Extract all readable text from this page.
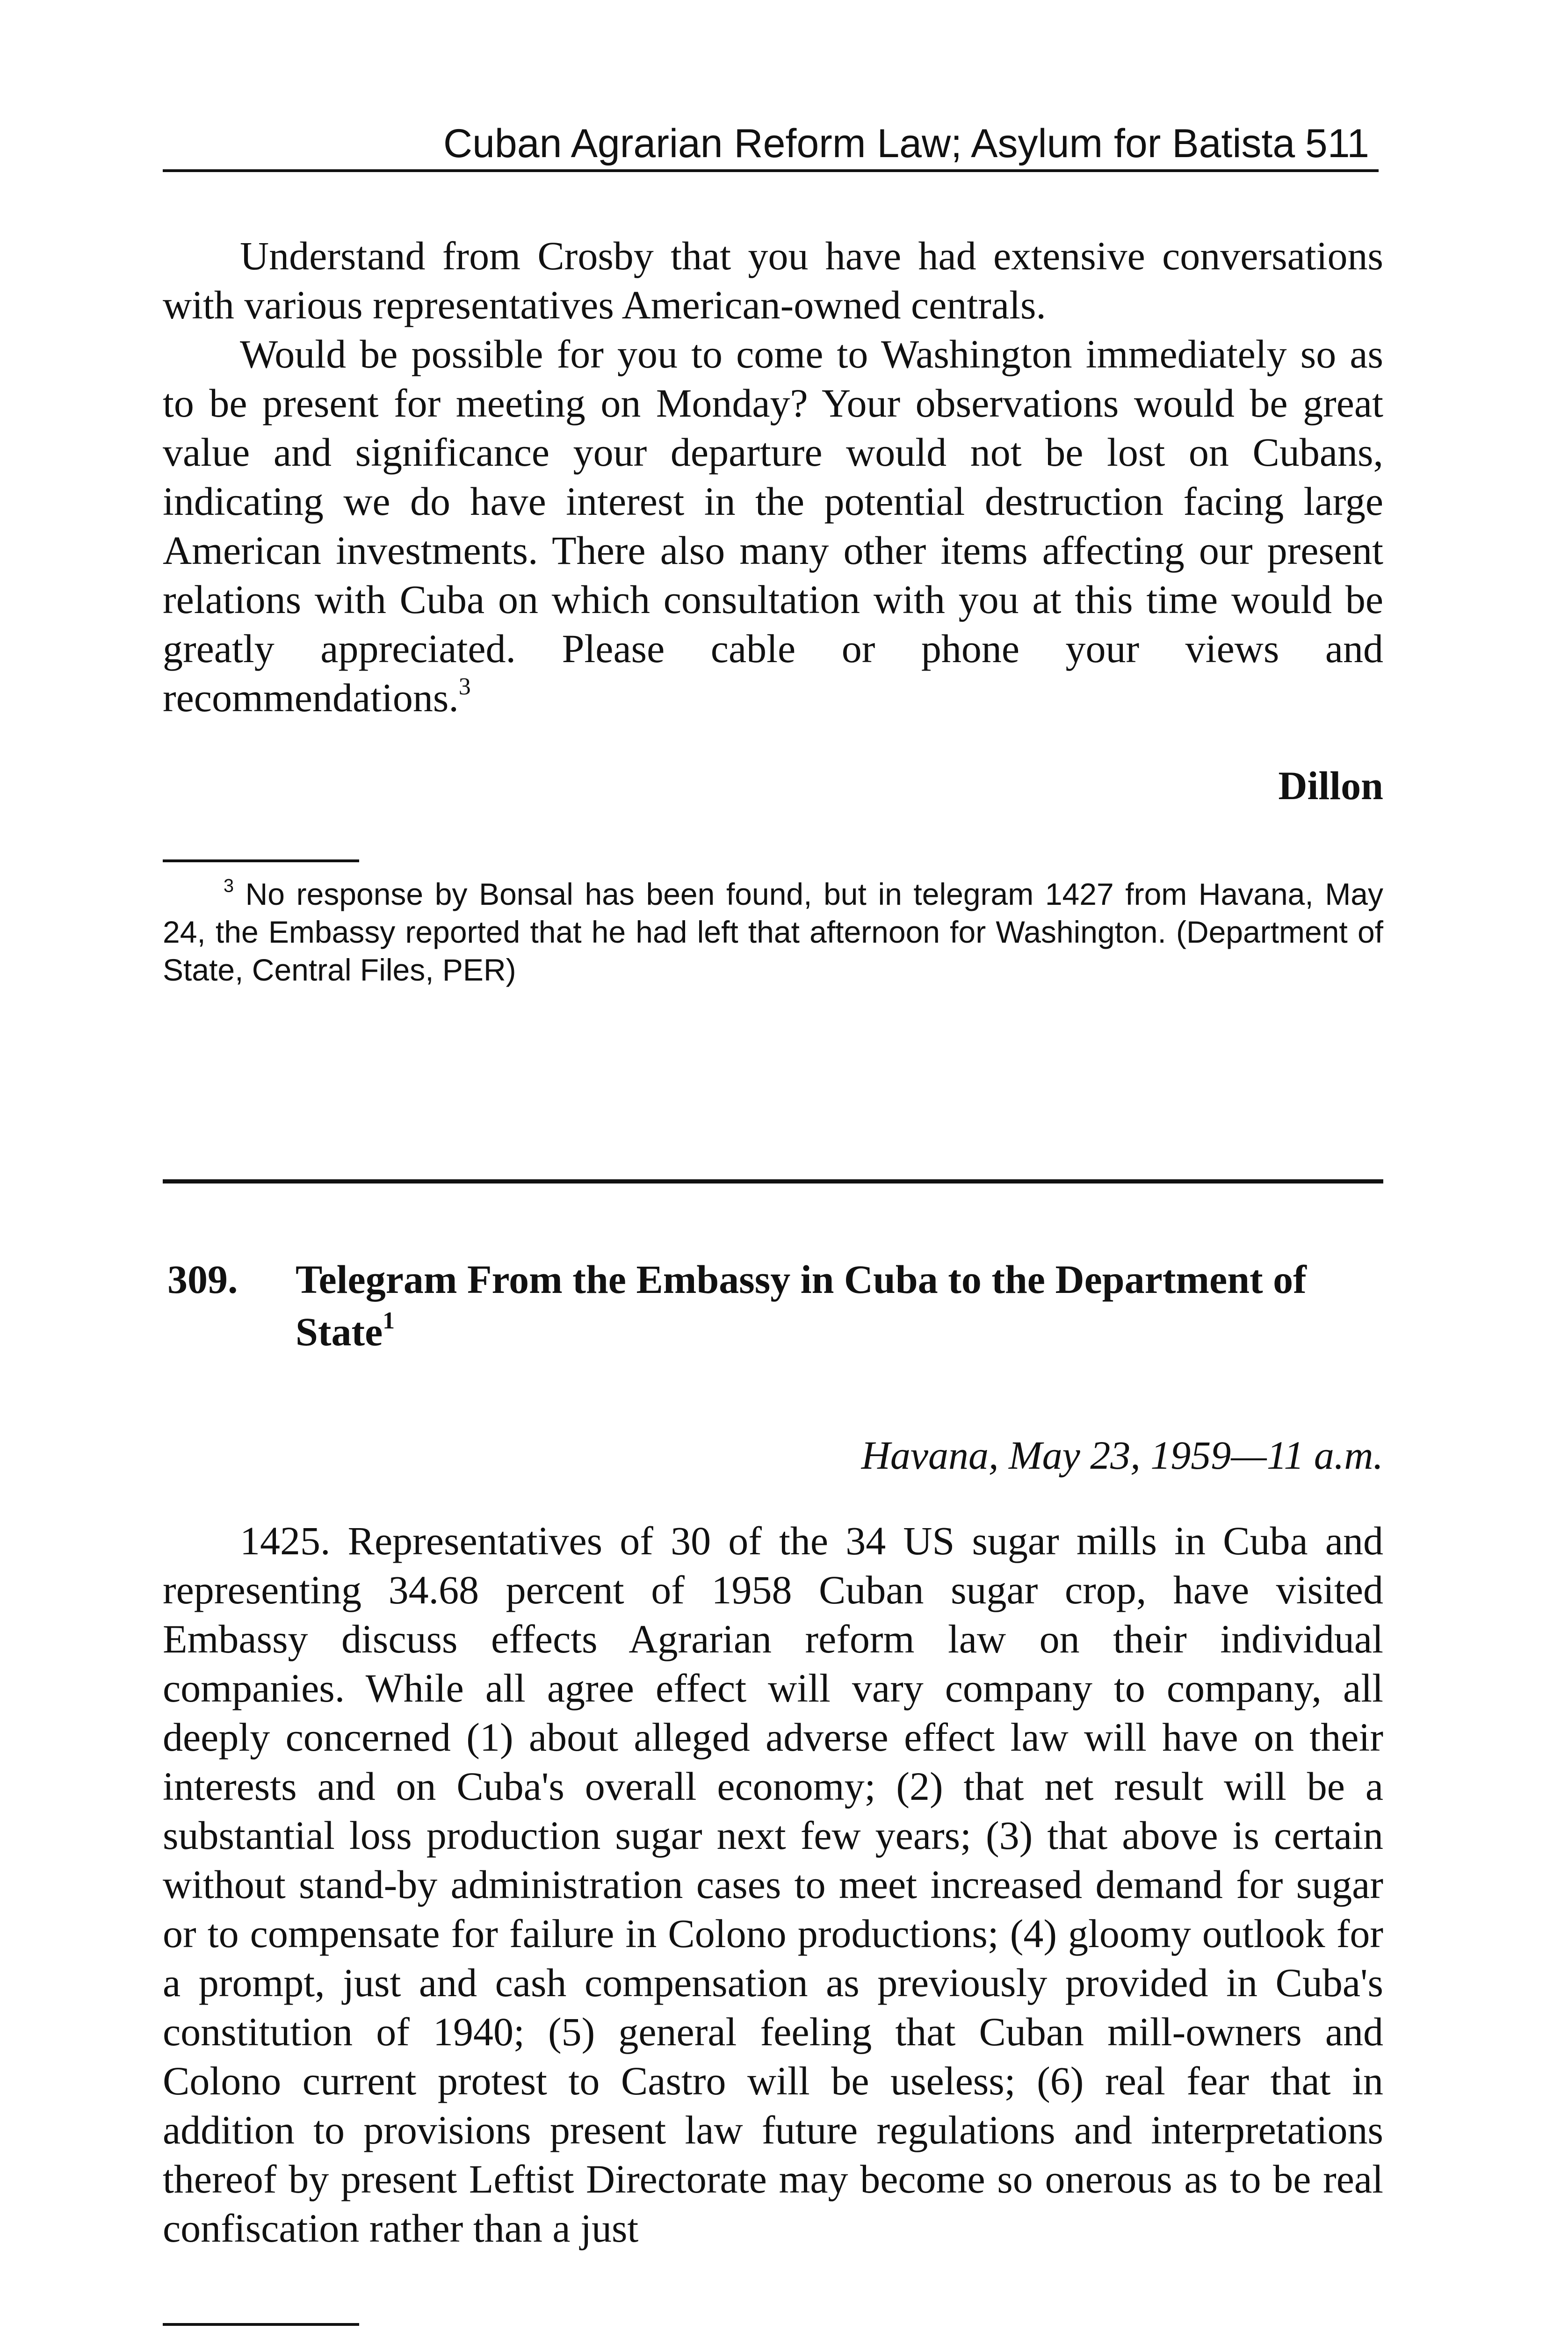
Cuban Agrarian Reform Law; Asylum for Batista 511

Understand from Crosby that you have had extensive conversations with various representatives American-owned centrals.

Would be possible for you to come to Washington immediately so as to be present for meeting on Monday? Your observations would be great value and significance your departure would not be lost on Cubans, indicating we do have interest in the potential destruction facing large American investments. There also many other items affecting our present relations with Cuba on which consultation with you at this time would be greatly appreciated. Please cable or phone your views and recommendations.$^3$

Dillon

$^3$ No response by Bonsal has been found, but in telegram 1427 from Havana, May 24, the Embassy reported that he had left that afternoon for Washington. (Department of State, Central Files, PER)

309. Telegram From the Embassy in Cuba to the Department of State$^1$
Havana, May 23, 1959—11 a.m.

1425. Representatives of 30 of the 34 US sugar mills in Cuba and representing 34.68 percent of 1958 Cuban sugar crop, have visited Embassy discuss effects Agrarian reform law on their individual companies. While all agree effect will vary company to company, all deeply concerned (1) about alleged adverse effect law will have on their interests and on Cuba's overall economy; (2) that net result will be a substantial loss production sugar next few years; (3) that above is certain without stand-by administration cases to meet increased demand for sugar or to compensate for failure in Colono productions; (4) gloomy outlook for a prompt, just and cash compensation as previously provided in Cuba's constitution of 1940; (5) general feeling that Cuban mill-owners and Colono current protest to Castro will be useless; (6) real fear that in addition to provisions present law future regulations and interpretations thereof by present Leftist Directorate may become so onerous as to be real confiscation rather than a just
